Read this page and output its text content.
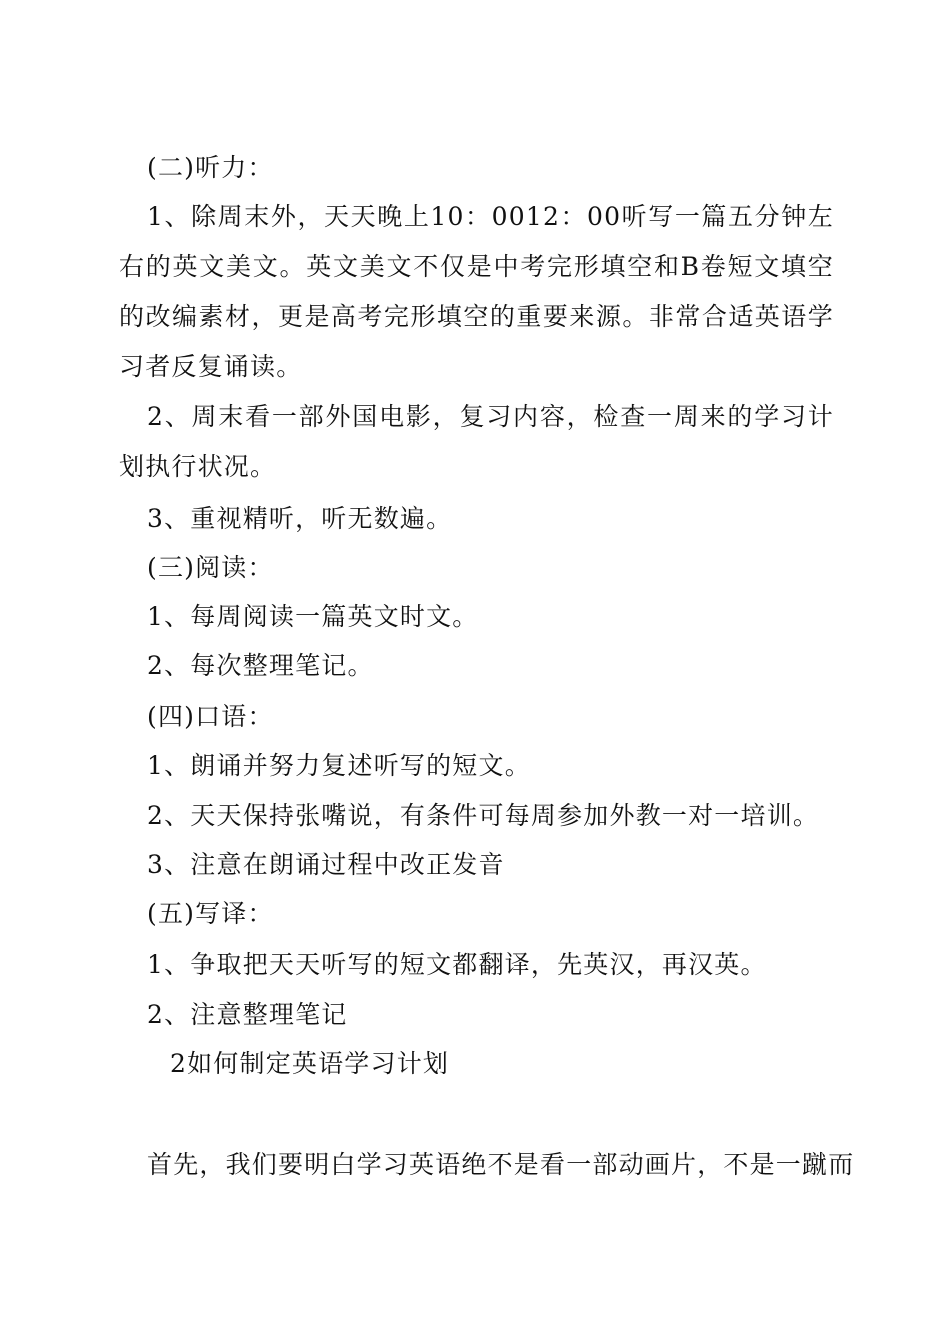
(二)听力：
1、除周末外，天天晚上10：0012：00听写一篇五分钟左右的英文美文。英文美文不仅是中考完形填空和B卷短文填空的改编素材，更是高考完形填空的重要来源。非常合适英语学习者反复诵读。
2、周末看一部外国电影，复习内容，检查一周来的学习计划执行状况。
3、重视精听，听无数遍。
(三)阅读：
1、每周阅读一篇英文时文。
2、每次整理笔记。
(四)口语：
1、朗诵并努力复述听写的短文。
2、天天保持张嘴说，有条件可每周参加外教一对一培训。
3、注意在朗诵过程中改正发音
(五)写译：
1、争取把天天听写的短文都翻译，先英汉，再汉英。
2、注意整理笔记
2如何制定英语学习计划
首先，我们要明白学习英语绝不是看一部动画片，不是一蹴而
